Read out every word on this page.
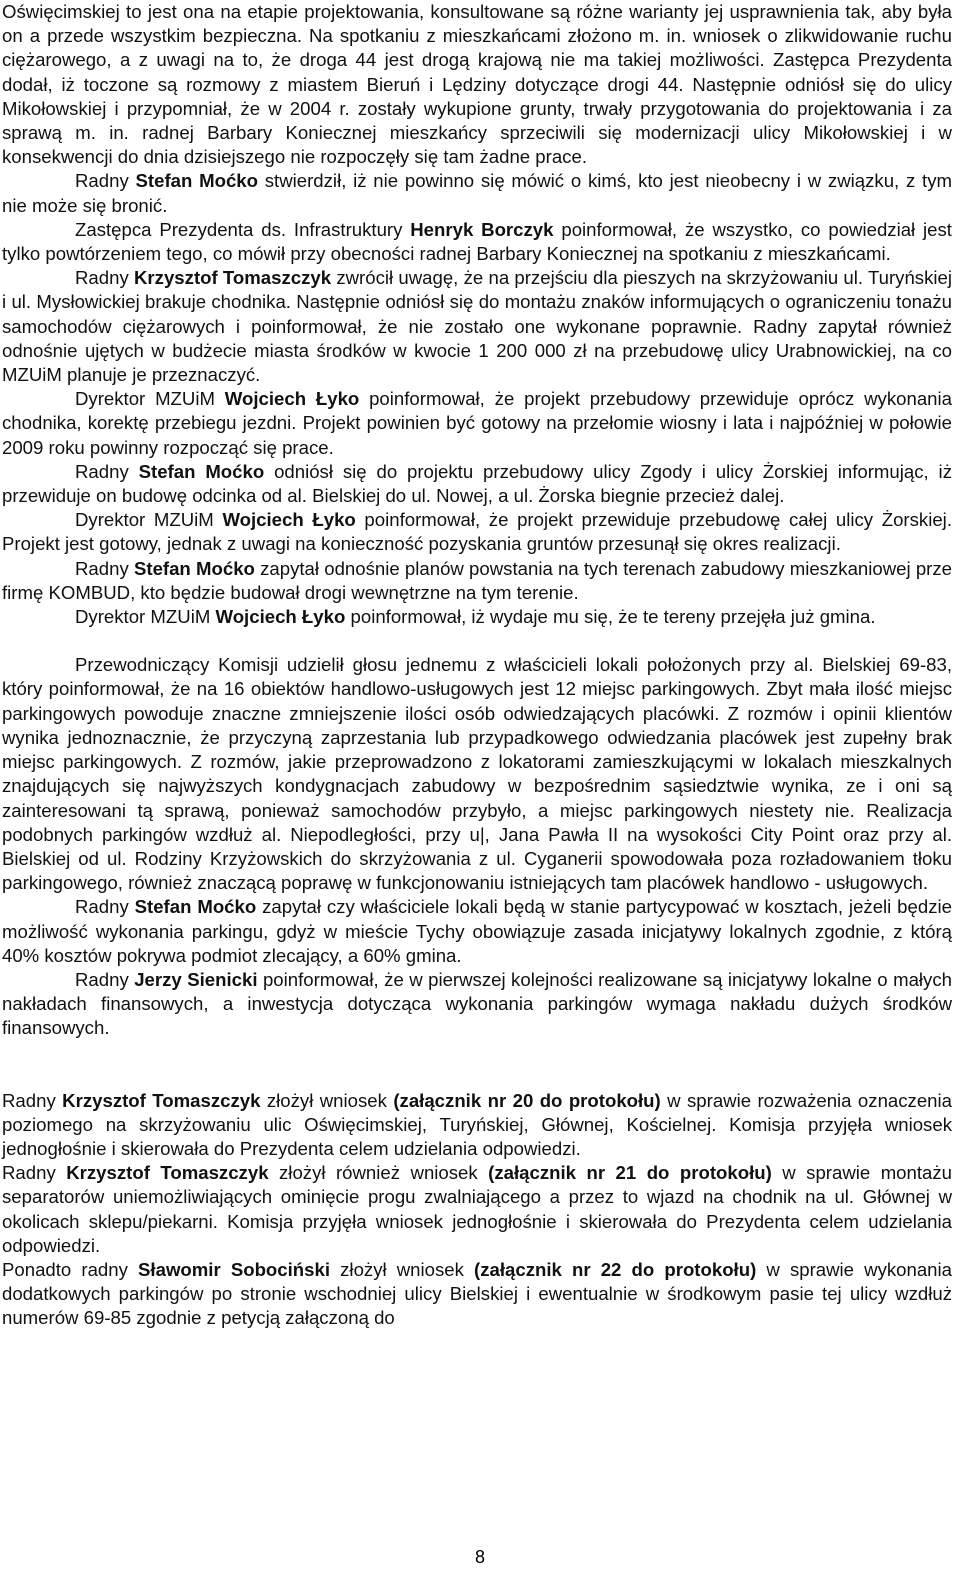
Oświęcimskiej to jest ona na etapie projektowania, konsultowane są różne warianty jej usprawnienia tak, aby była on a przede wszystkim bezpieczna. Na spotkaniu z mieszkańcami złożono m. in. wniosek o zlikwidowanie ruchu ciężarowego, a z uwagi na to, że droga 44 jest drogą krajową nie ma takiej możliwości. Zastępca Prezydenta dodał, iż toczone są rozmowy z miastem Bieruń i Lędziny dotyczące drogi 44. Następnie odniósł się do ulicy Mikołowskiej i przypomniał, że w 2004 r. zostały wykupione grunty, trwały przygotowania do projektowania i za sprawą m. in. radnej Barbary Koniecznej mieszkańcy sprzeciwili się modernizacji ulicy Mikołowskiej i w konsekwencji do dnia dzisiejszego nie rozpoczęły się tam żadne prace.

Radny Stefan Moćko stwierdził, iż nie powinno się mówić o kimś, kto jest nieobecny i w związku, z tym nie może się bronić.

Zastępca Prezydenta ds. Infrastruktury Henryk Borczyk poinformował, że wszystko, co powiedział jest tylko powtórzeniem tego, co mówił przy obecności radnej Barbary Koniecznej na spotkaniu z mieszkańcami.

Radny Krzysztof Tomaszczyk zwrócił uwagę, że na przejściu dla pieszych na skrzyżowaniu ul. Turyńskiej i ul. Mysłowickiej brakuje chodnika. Następnie odniósł się do montażu znaków informujących o ograniczeniu tonażu samochodów ciężarowych i poinformował, że nie zostało one wykonane poprawnie. Radny zapytał również odnośnie ujętych w budżecie miasta środków w kwocie 1 200 000 zł na przebudowę ulicy Urabnowickiej, na co MZUiM planuje je przeznaczyć.

Dyrektor MZUiM Wojciech Łyko poinformował, że projekt przebudowy przewiduje oprócz wykonania chodnika, korektę przebiegu jezdni. Projekt powinien być gotowy na przełomie wiosny i lata i najpóźniej w połowie 2009 roku powinny rozpocząć się prace.

Radny Stefan Moćko odniósł się do projektu przebudowy ulicy Zgody i ulicy Żorskiej informując, iż przewiduje on budowę odcinka od al. Bielskiej do ul. Nowej, a ul. Żorska biegnie przecież dalej.

Dyrektor MZUiM Wojciech Łyko poinformował, że projekt przewiduje przebudowę całej ulicy Żorskiej. Projekt jest gotowy, jednak z uwagi na konieczność pozyskania gruntów przesunął się okres realizacji.

Radny Stefan Moćko zapytał odnośnie planów powstania na tych terenach zabudowy mieszkaniowej prze firmę KOMBUD, kto będzie budował drogi wewnętrzne na tym terenie.

Dyrektor MZUiM Wojciech Łyko poinformował, iż wydaje mu się, że te tereny przejęła już gmina.

Przewodniczący Komisji udzielił głosu jednemu z właścicieli lokali położonych przy al. Bielskiej 69-83, który poinformował, że na 16 obiektów handlowo-usługowych jest 12 miejsc parkingowych. Zbyt mała ilość miejsc parkingowych powoduje znaczne zmniejszenie ilości osób odwiedzających placówki. Z rozmów i opinii klientów wynika jednoznacznie, że przyczyną zaprzestania lub przypadkowego odwiedzania placówek jest zupełny brak miejsc parkingowych. Z rozmów, jakie przeprowadzono z lokatorami zamieszkującymi w lokalach mieszkalnych znajdujących się najwyższych kondygnacjach zabudowy w bezpośrednim sąsiedztwie wynika, ze i oni są zainteresowani tą sprawą, ponieważ samochodów przybyło, a miejsc parkingowych niestety nie. Realizacja podobnych parkingów wzdłuż al. Niepodległości, przy u|, Jana Pawła II na wysokości City Point oraz przy al. Bielskiej od ul. Rodziny Krzyżowskich do skrzyżowania z ul. Cyganerii spowodowała poza rozładowaniem tłoku parkingowego, również znaczącą poprawę w funkcjonowaniu istniejących tam placówek handlowo - usługowych.

Radny Stefan Moćko zapytał czy właściciele lokali będą w stanie partycypować w kosztach, jeżeli będzie możliwość wykonania parkingu, gdyż w mieście Tychy obowiązuje zasada inicjatywy lokalnych zgodnie, z którą 40% kosztów pokrywa podmiot zlecający, a 60% gmina.

Radny Jerzy Sienicki poinformował, że w pierwszej kolejności realizowane są inicjatywy lokalne o małych nakładach finansowych, a inwestycja dotycząca wykonania parkingów wymaga nakładu dużych środków finansowych.

Radny Krzysztof Tomaszczyk złożył wniosek (załącznik nr 20 do protokołu) w sprawie rozważenia oznaczenia poziomego na skrzyżowaniu ulic Oświęcimskiej, Turyńskiej, Głównej, Kościelnej. Komisja przyjęła wniosek jednogłośnie i skierowała do Prezydenta celem udzielania odpowiedzi.

Radny Krzysztof Tomaszczyk złożył również wniosek (załącznik nr 21 do protokołu) w sprawie montażu separatorów uniemożliwiających ominięcie progu zwalniającego a przez to wjazd na chodnik na ul. Głównej w okolicach sklepu/piekarni. Komisja przyjęła wniosek jednogłośnie i skierowała do Prezydenta celem udzielania odpowiedzi.

Ponadto radny Sławomir Sobociński złożył wniosek (załącznik nr 22 do protokołu) w sprawie wykonania dodatkowych parkingów po stronie wschodniej ulicy Bielskiej i ewentualnie w środkowym pasie tej ulicy wzdłuż numerów 69-85 zgodnie z petycją załączoną do

8
